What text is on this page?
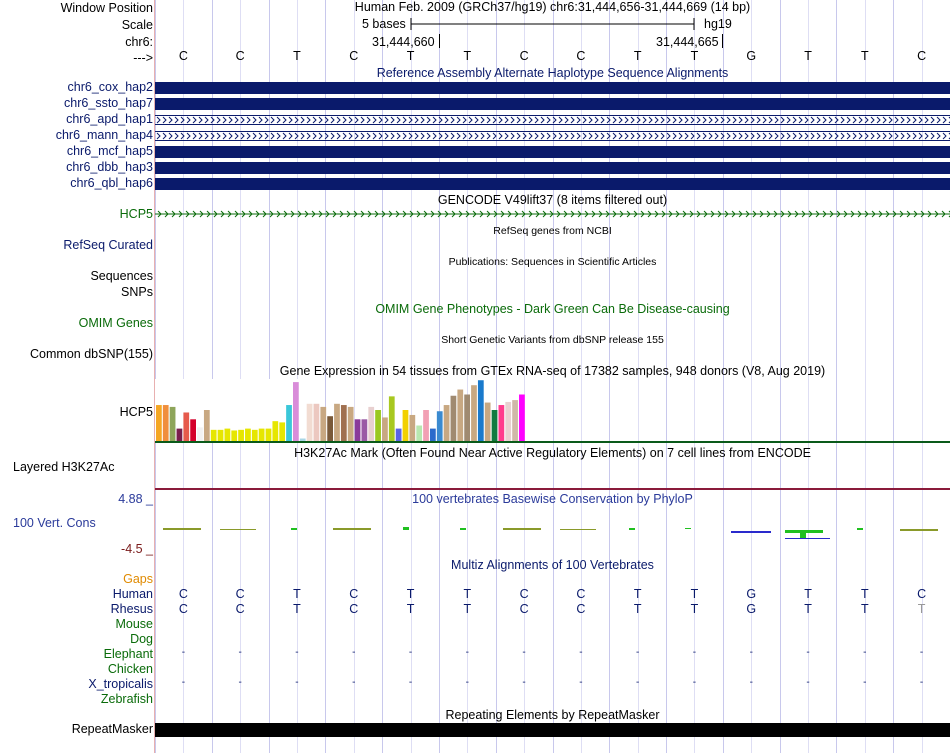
Window Position
Scale
chr6:
--->
Human Feb. 2009 (GRCh37/hg19) chr6:31,444,656-31,444,669 (14 bp)
5 bases	hg19
31,444,660	31,444,665
C	C	T	C	T	T	C	C	T	T	G	T	T	C
Reference Assembly Alternate Haplotype Sequence Alignments
chr6_cox_hap2
chr6_ssto_hap7
chr6_apd_hap1
chr6_mann_hap4
chr6_mcf_hap5
chr6_dbb_hap3
chr6_qbl_hap6
GENCODE V49lift37 (8 items filtered out)
HCP5
RefSeq genes from NCBI
RefSeq Curated
Publications: Sequences in Scientific Articles
Sequences
SNPs
OMIM Gene Phenotypes - Dark Green Can Be Disease-causing
OMIM Genes
Short Genetic Variants from dbSNP release 155
Common dbSNP(155)
Gene Expression in 54 tissues from GTEx RNA-seq of 17382 samples, 948 donors (V8, Aug 2019)
HCP5
H3K27Ac Mark (Often Found Near Active Regulatory Elements) on 7 cell lines from ENCODE
Layered H3K27Ac
4.88 _	100 vertebrates Basewise Conservation by PhyloP
100 Vert. Cons
-4.5 _
Multiz Alignments of 100 Vertebrates
Gaps
Human	C	C	T	C	T	T	C	C	T	T	G	T	T	C
Rhesus	C	C	T	C	T	T	C	C	T	T	G	T	T	T
Mouse
Dog
Elephant	-	-	-	-	-	-	-	-	-	-	-	-	-	-
Chicken
X_tropicalis	-	-	-	-	-	-	-	-	-	-	-	-	-	-
Zebrafish
Repeating Elements by RepeatMasker
RepeatMasker
